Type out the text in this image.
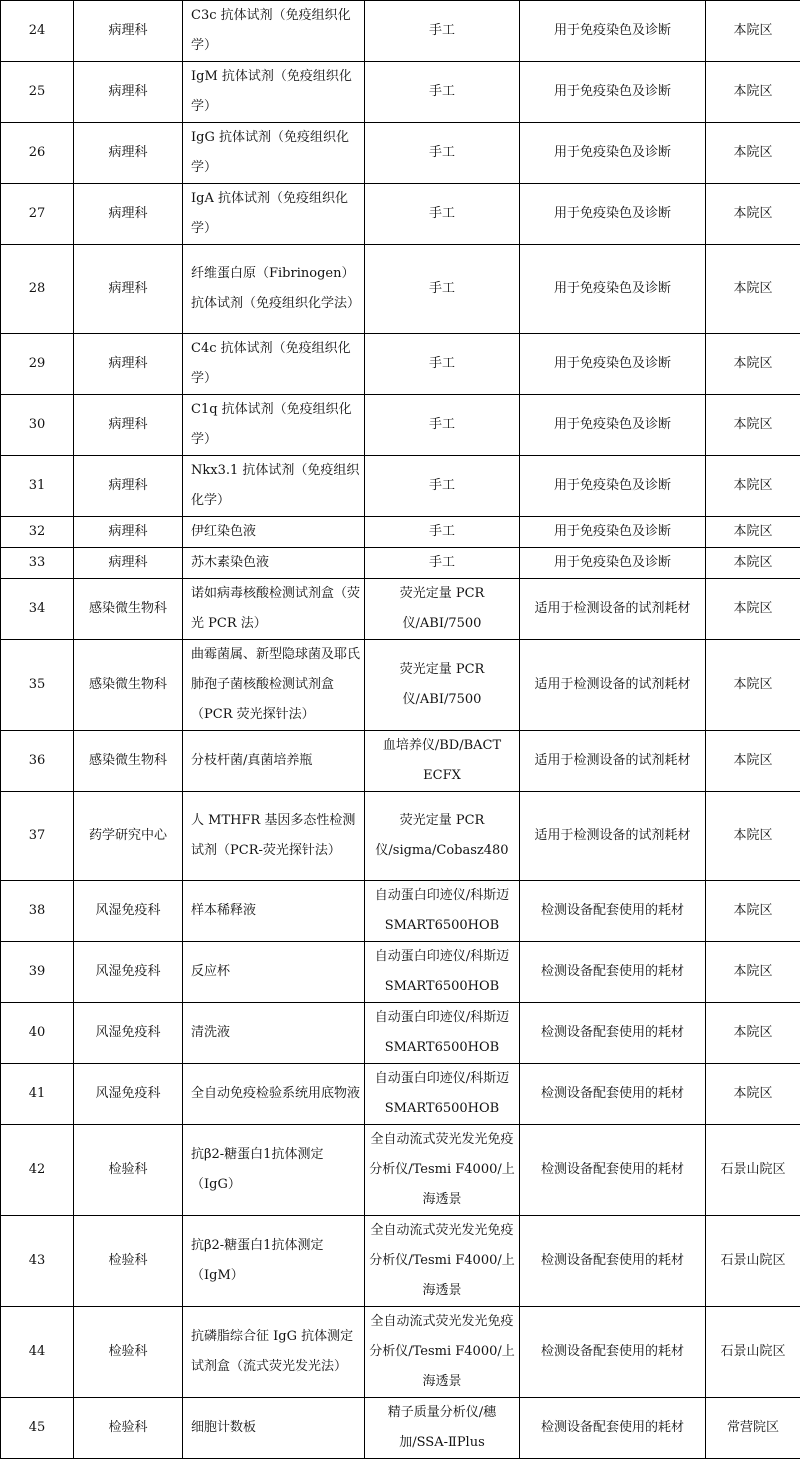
24	病理科	C3c 抗体试剂（免疫组织化学）	手工	用于免疫染色及诊断	本院区
25	病理科	IgM 抗体试剂（免疫组织化学）	手工	用于免疫染色及诊断	本院区
26	病理科	IgG 抗体试剂（免疫组织化学）	手工	用于免疫染色及诊断	本院区
27	病理科	IgA 抗体试剂（免疫组织化学）	手工	用于免疫染色及诊断	本院区
28	病理科	纤维蛋白原（Fibrinogen）抗体试剂（免疫组织化学法）	手工	用于免疫染色及诊断	本院区
29	病理科	C4c 抗体试剂（免疫组织化学）	手工	用于免疫染色及诊断	本院区
30	病理科	C1q 抗体试剂（免疫组织化学）	手工	用于免疫染色及诊断	本院区
31	病理科	Nkx3.1 抗体试剂（免疫组织化学）	手工	用于免疫染色及诊断	本院区
32	病理科	伊红染色液	手工	用于免疫染色及诊断	本院区
33	病理科	苏木素染色液	手工	用于免疫染色及诊断	本院区
34	感染微生物科	诺如病毒核酸检测试剂盒（荧光 PCR 法）	荧光定量 PCR 仪/ABI/7500	适用于检测设备的试剂耗材	本院区
35	感染微生物科	曲霉菌属、新型隐球菌及耶氏肺孢子菌核酸检测试剂盒（PCR 荧光探针法）	荧光定量 PCR 仪/ABI/7500	适用于检测设备的试剂耗材	本院区
36	感染微生物科	分枝杆菌/真菌培养瓶	血培养仪/BD/BACT ECFX	适用于检测设备的试剂耗材	本院区
37	药学研究中心	人 MTHFR 基因多态性检测试剂（PCR-荧光探针法）	荧光定量 PCR 仪/sigma/Cobasz480	适用于检测设备的试剂耗材	本院区
38	风湿免疫科	样本稀释液	自动蛋白印迹仪/科斯迈 SMART6500HOB	检测设备配套使用的耗材	本院区
39	风湿免疫科	反应杯	自动蛋白印迹仪/科斯迈 SMART6500HOB	检测设备配套使用的耗材	本院区
40	风湿免疫科	清洗液	自动蛋白印迹仪/科斯迈 SMART6500HOB	检测设备配套使用的耗材	本院区
41	风湿免疫科	全自动免疫检验系统用底物液	自动蛋白印迹仪/科斯迈 SMART6500HOB	检测设备配套使用的耗材	本院区
42	检验科	抗β2-糖蛋白1抗体测定（IgG）	全自动流式荧光发光免疫分析仪/Tesmi F4000/上海透景	检测设备配套使用的耗材	石景山院区
43	检验科	抗β2-糖蛋白1抗体测定（IgM）	全自动流式荧光发光免疫分析仪/Tesmi F4000/上海透景	检测设备配套使用的耗材	石景山院区
44	检验科	抗磷脂综合征 IgG 抗体测定试剂盒（流式荧光发光法）	全自动流式荧光发光免疫分析仪/Tesmi F4000/上海透景	检测设备配套使用的耗材	石景山院区
45	检验科	细胞计数板	精子质量分析仪/穗加/SSA-ⅡPlus	检测设备配套使用的耗材	常营院区
